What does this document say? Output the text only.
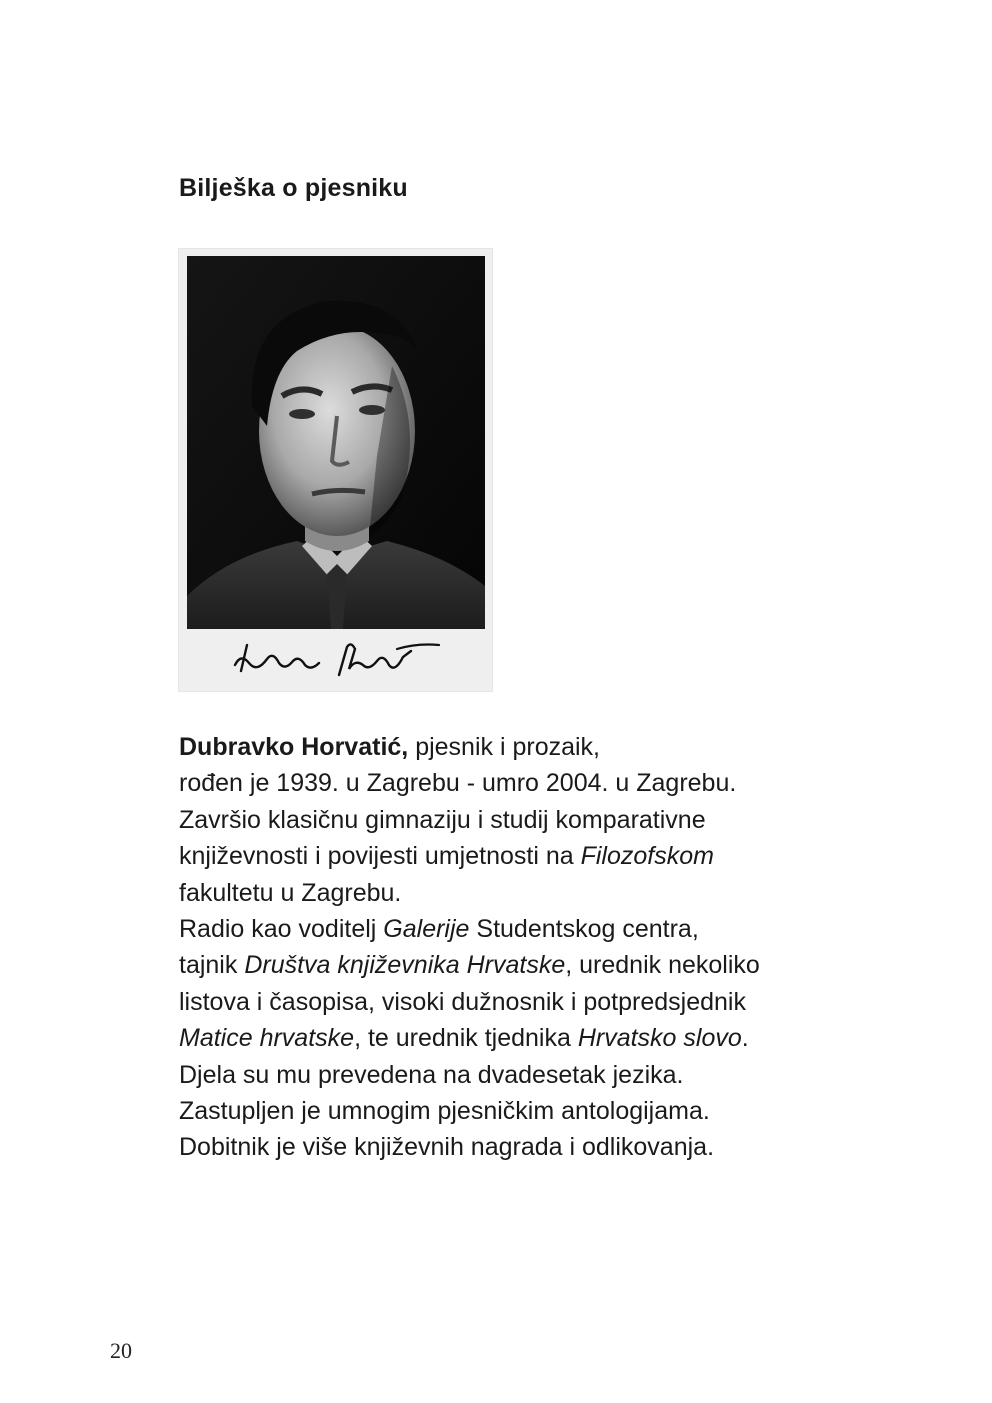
Bilješka o pjesniku
Dubravko Horvatić, pjesnik i prozaik,
rođen je 1939. u Zagrebu - umro 2004. u Zagrebu.
Završio klasičnu gimnaziju i studij komparativne
književnosti i povijesti umjetnosti na Filozofskom
fakultetu u Zagrebu.
Radio kao voditelj Galerije Studentskog centra,
tajnik Društva književnika Hrvatske, urednik nekoliko
listova i časopisa, visoki dužnosnik i potpredsjednik
Matice hrvatske, te urednik tjednika Hrvatsko slovo.
Djela su mu prevedena na dvadesetak jezika.
Zastupljen je umnogim pjesničkim antologijama.
Dobitnik je više književnih nagrada i odlikovanja.
20
